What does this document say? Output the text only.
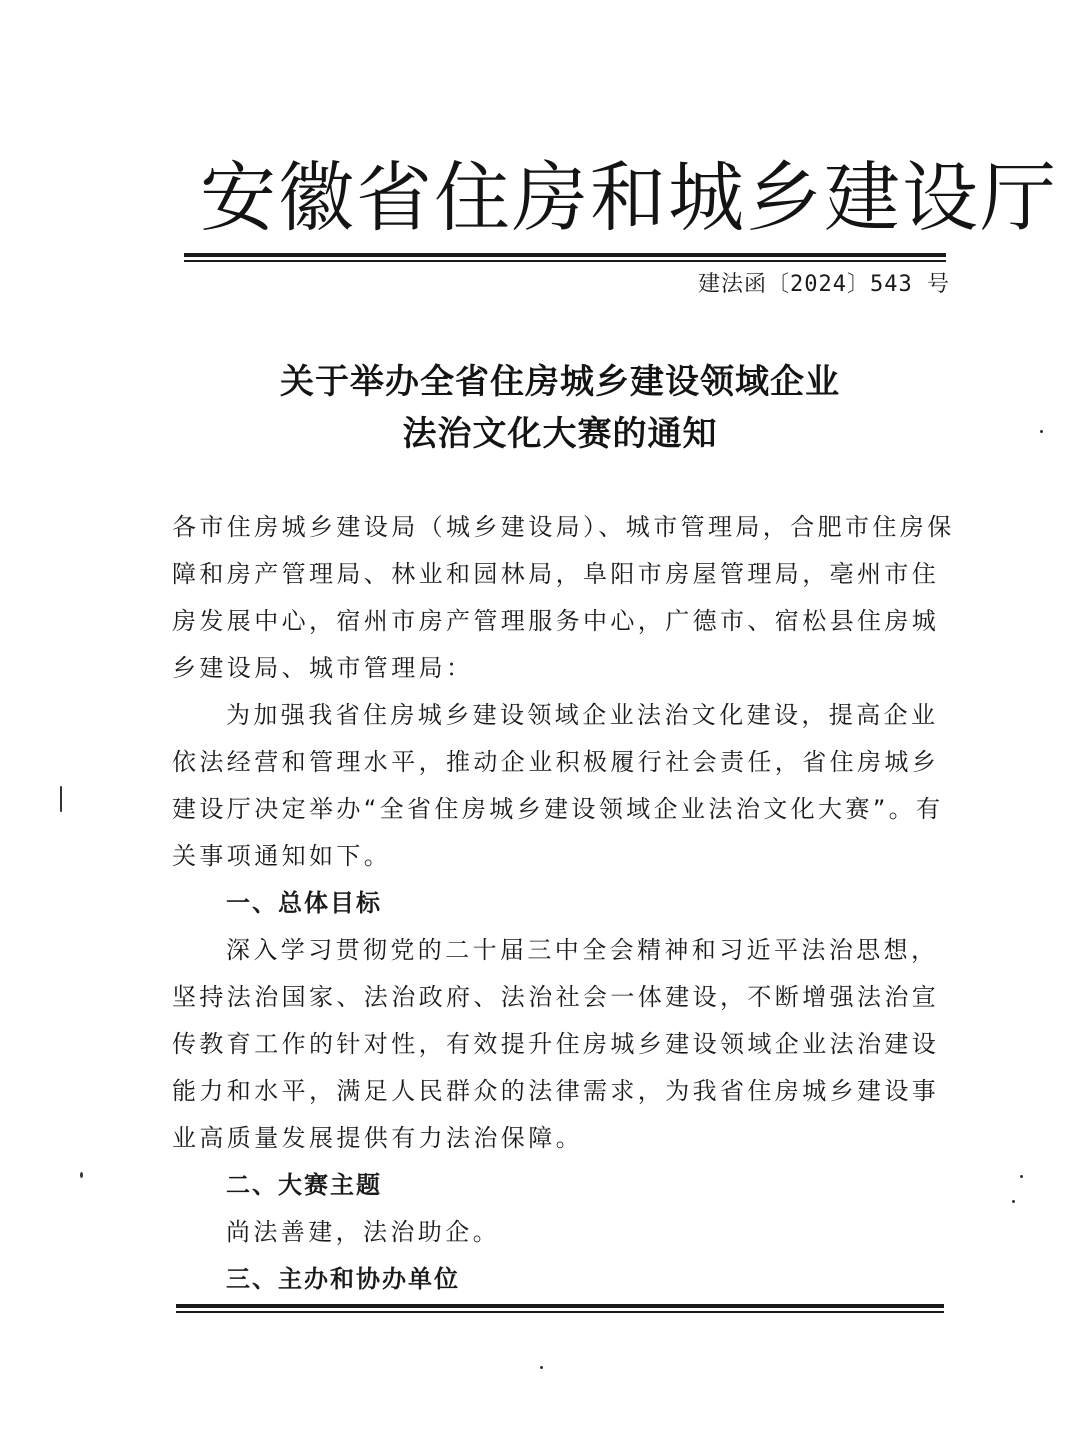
安徽省住房和城乡建设厅
建法函〔2024〕543 号
关于举办全省住房城乡建设领域企业
法治文化大赛的通知
各市住房城乡建设局（城乡建设局）、城市管理局，合肥市住房保
障和房产管理局、林业和园林局，阜阳市房屋管理局，亳州市住
房发展中心，宿州市房产管理服务中心，广德市、宿松县住房城
乡建设局、城市管理局：
为加强我省住房城乡建设领域企业法治文化建设，提高企业
依法经营和管理水平，推动企业积极履行社会责任，省住房城乡
建设厅决定举办“全省住房城乡建设领域企业法治文化大赛”。有
关事项通知如下。
一、总体目标
深入学习贯彻党的二十届三中全会精神和习近平法治思想，
坚持法治国家、法治政府、法治社会一体建设，不断增强法治宣
传教育工作的针对性，有效提升住房城乡建设领域企业法治建设
能力和水平，满足人民群众的法律需求，为我省住房城乡建设事
业高质量发展提供有力法治保障。
二、大赛主题
尚法善建，法治助企。
三、主办和协办单位
